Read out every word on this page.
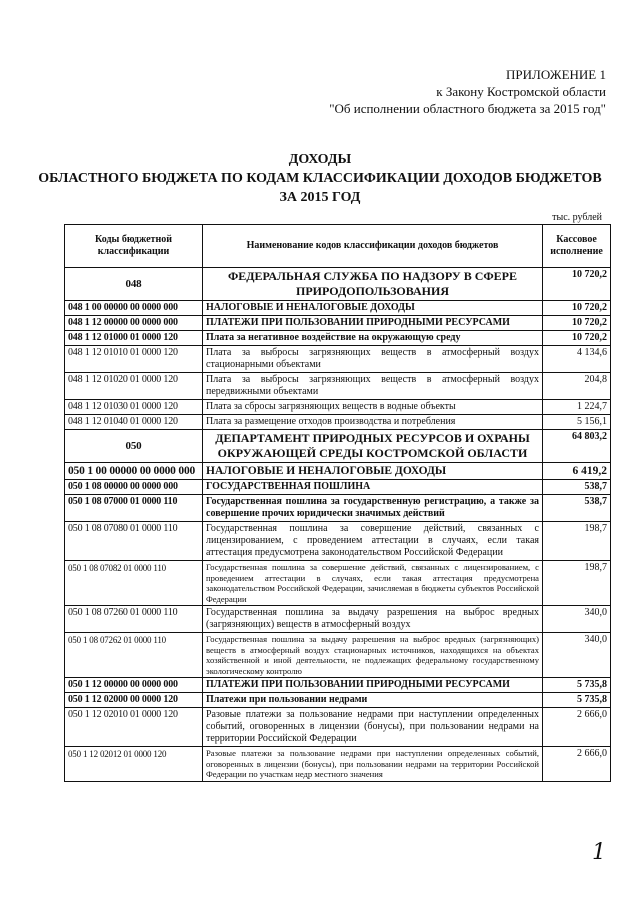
ПРИЛОЖЕНИЕ 1
к Закону Костромской области
"Об исполнении областного бюджета за 2015 год"
ДОХОДЫ
ОБЛАСТНОГО БЮДЖЕТА ПО КОДАМ КЛАССИФИКАЦИИ ДОХОДОВ БЮДЖЕТОВ
ЗА 2015 ГОД
тыс. рублей
Коды бюджетной классификации	Наименование кодов классификации доходов бюджетов	Кассовое исполнение
048	ФЕДЕРАЛЬНАЯ СЛУЖБА ПО НАДЗОРУ В СФЕРЕ ПРИРОДОПОЛЬЗОВАНИЯ	10 720,2
048 1 00 00000 00 0000 000	НАЛОГОВЫЕ И НЕНАЛОГОВЫЕ ДОХОДЫ	10 720,2
048 1 12 00000 00 0000 000	ПЛАТЕЖИ ПРИ ПОЛЬЗОВАНИИ ПРИРОДНЫМИ РЕСУРСАМИ	10 720,2
048 1 12 01000 01 0000 120	Плата за негативное воздействие на окружающую среду	10 720,2
048 1 12 01010 01 0000 120	Плата за выбросы загрязняющих веществ в атмосферный воздух стационарными объектами	4 134,6
048 1 12 01020 01 0000 120	Плата за выбросы загрязняющих веществ в атмосферный воздух передвижными объектами	204,8
048 1 12 01030 01 0000 120	Плата за сбросы загрязняющих веществ в водные объекты	1 224,7
048 1 12 01040 01 0000 120	Плата за размещение отходов производства и потребления	5 156,1
050	ДЕПАРТАМЕНТ ПРИРОДНЫХ РЕСУРСОВ И ОХРАНЫ ОКРУЖАЮЩЕЙ СРЕДЫ КОСТРОМСКОЙ ОБЛАСТИ	64 803,2
050 1 00 00000 00 0000 000	НАЛОГОВЫЕ И НЕНАЛОГОВЫЕ ДОХОДЫ	6 419,2
050 1 08 00000 00 0000 000	ГОСУДАРСТВЕННАЯ ПОШЛИНА	538,7
050 1 08 07000 01 0000 110	Государственная пошлина за государственную регистрацию, а также за совершение прочих юридически значимых действий	538,7
050 1 08 07080 01 0000 110	Государственная пошлина за совершение действий, связанных с лицензированием, с проведением аттестации в случаях, если такая аттестация предусмотрена законодательством Российской Федерации	198,7
050 1 08 07082 01 0000 110	Государственная пошлина за совершение действий, связанных с лицензированием, с проведением аттестации в случаях, если такая аттестация предусмотрена законодательством Российской Федерации, зачисляемая в бюджеты субъектов Российской Федерации	198,7
050 1 08 07260 01 0000 110	Государственная пошлина за выдачу разрешения на выброс вредных (загрязняющих) веществ в атмосферный воздух	340,0
050 1 08 07262 01 0000 110	Государственная пошлина за выдачу разрешения на выброс вредных (загрязняющих) веществ в атмосферный воздух стационарных источников, находящихся на объектах хозяйственной и иной деятельности, не подлежащих федеральному государственному экологическому контролю	340,0
050 1 12 00000 00 0000 000	ПЛАТЕЖИ ПРИ ПОЛЬЗОВАНИИ ПРИРОДНЫМИ РЕСУРСАМИ	5 735,8
050 1 12 02000 00 0000 120	Платежи при пользовании недрами	5 735,8
050 1 12 02010 01 0000 120	Разовые платежи за пользование недрами при наступлении определенных событий, оговоренных в лицензии (бонусы), при пользовании недрами на территории Российской Федерации	2 666,0
050 1 12 02012 01 0000 120	Разовые платежи за пользование недрами при наступлении определенных событий, оговоренных в лицензии (бонусы), при пользовании недрами на территории Российской Федерации по участкам недр местного значения	2 666,0
1
